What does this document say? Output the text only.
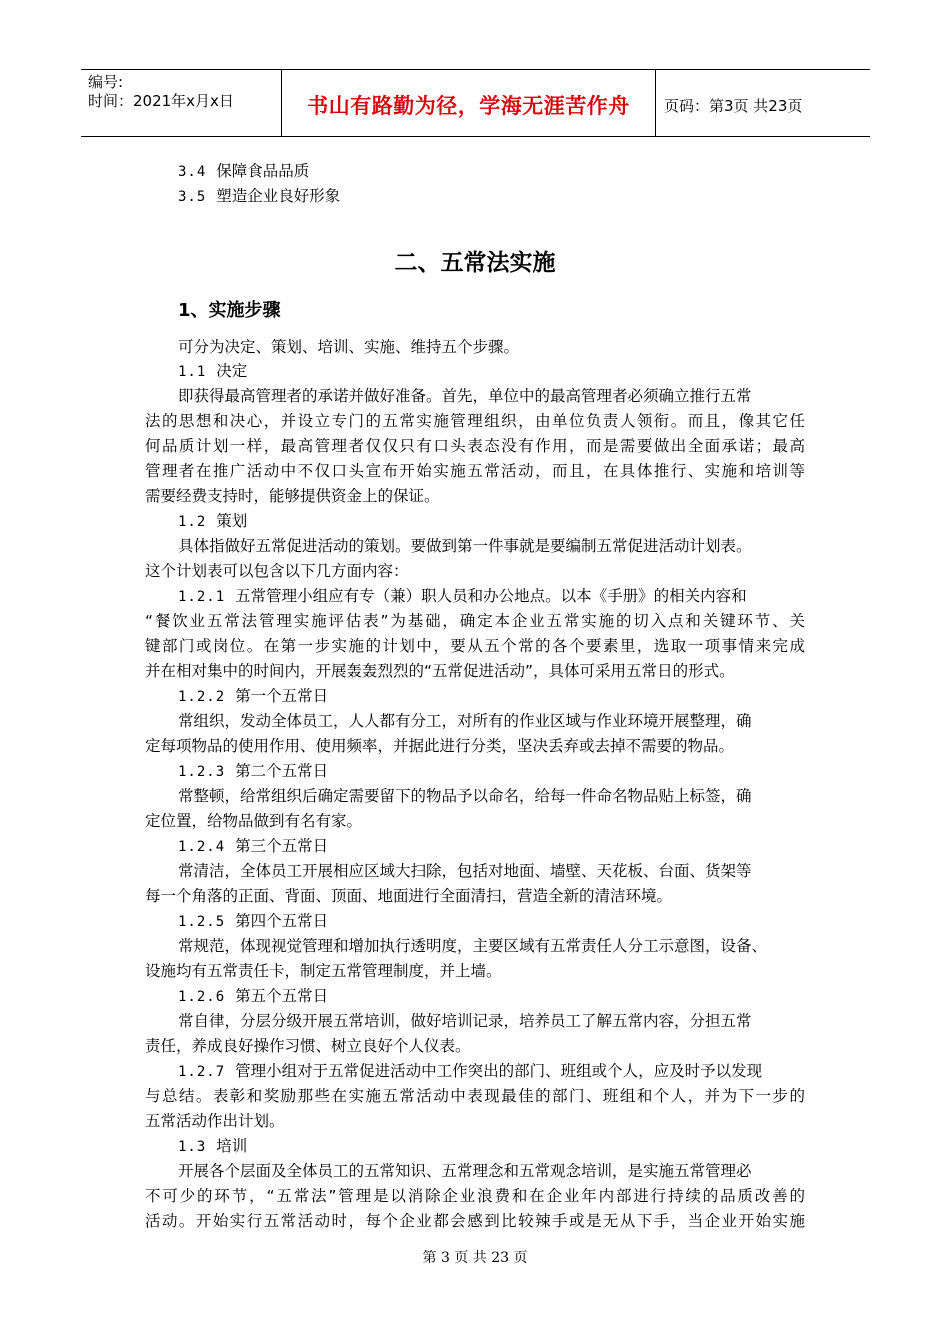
编号:
时间：2021年x月x日	书山有路勤为径，学海无涯苦作舟	页码：第3页 共23页
3.4 保障食品品质
3.5 塑造企业良好形象
二、五常法实施
1、实施步骤
可分为决定、策划、培训、实施、维持五个步骤。
1.1 决定
即获得最高管理者的承诺并做好准备。首先，单位中的最高管理者必须确立推行五常
法的思想和决心，并设立专门的五常实施管理组织，由单位负责人领衔。而且，像其它任
何品质计划一样，最高管理者仅仅只有口头表态没有作用，而是需要做出全面承诺；最高
管理者在推广活动中不仅口头宣布开始实施五常活动，而且，在具体推行、实施和培训等
需要经费支持时，能够提供资金上的保证。
1.2 策划
具体指做好五常促进活动的策划。要做到第一件事就是要编制五常促进活动计划表。
这个计划表可以包含以下几方面内容：
1.2.1 五常管理小组应有专（兼）职人员和办公地点。以本《手册》的相关内容和
“餐饮业五常法管理实施评估表”为基础，确定本企业五常实施的切入点和关键环节、关
键部门或岗位。在第一步实施的计划中，要从五个常的各个要素里，选取一项事情来完成
并在相对集中的时间内，开展轰轰烈烈的“五常促进活动”，具体可采用五常日的形式。
1.2.2 第一个五常日
常组织，发动全体员工，人人都有分工，对所有的作业区域与作业环境开展整理，确
定每项物品的使用作用、使用频率，并据此进行分类，坚决丢弃或去掉不需要的物品。
1.2.3 第二个五常日
常整顿，给常组织后确定需要留下的物品予以命名，给每一件命名物品贴上标签，确
定位置，给物品做到有名有家。
1.2.4 第三个五常日
常清洁，全体员工开展相应区域大扫除，包括对地面、墙壁、天花板、台面、货架等
每一个角落的正面、背面、顶面、地面进行全面清扫，营造全新的清洁环境。
1.2.5 第四个五常日
常规范，体现视觉管理和增加执行透明度，主要区域有五常责任人分工示意图，设备、
设施均有五常责任卡，制定五常管理制度，并上墙。
1.2.6 第五个五常日
常自律，分层分级开展五常培训，做好培训记录，培养员工了解五常内容，分担五常
责任，养成良好操作习惯、树立良好个人仪表。
1.2.7 管理小组对于五常促进活动中工作突出的部门、班组或个人，应及时予以发现
与总结。表彰和奖励那些在实施五常活动中表现最佳的部门、班组和个人，并为下一步的
五常活动作出计划。
1.3 培训
开展各个层面及全体员工的五常知识、五常理念和五常观念培训，是实施五常管理必
不可少的环节，“五常法”管理是以消除企业浪费和在企业年内部进行持续的品质改善的
活动。开始实行五常活动时，每个企业都会感到比较辣手或是无从下手，当企业开始实施
第 3 页 共 23 页
